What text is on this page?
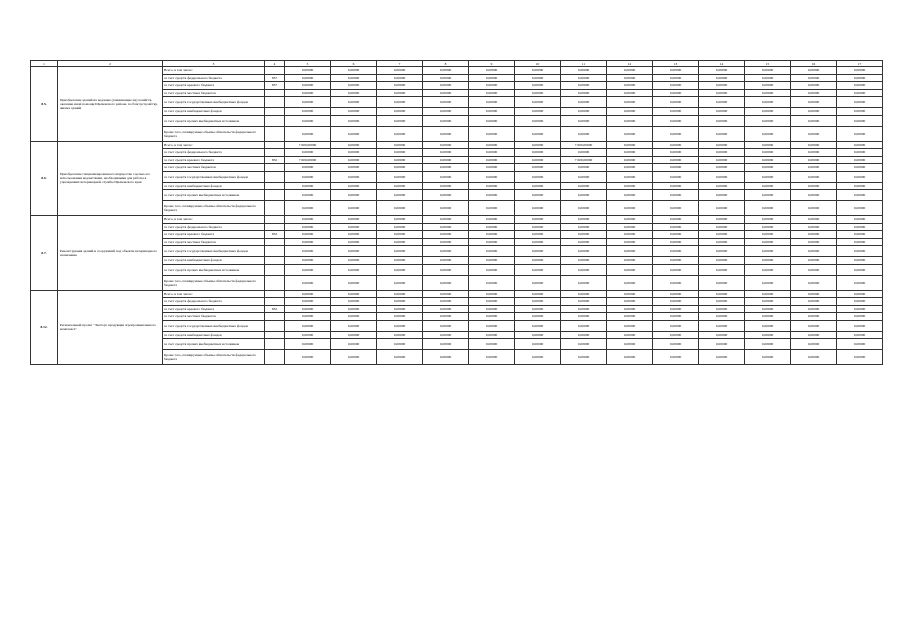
1	2	3	4	5	6	7	8	9	10	11	12	13	14	15	16	17
8.5.	Приобретение зданий их ведомых (заменяющие их) хозяйств, оказание иной помощи Щелковского района, по благоустройству, жилых зданий	Всего, в том числе:		0,00000	0,00000	0,00000	0,00000	0,00000	0,00000	0,00000	0,00000	0,00000	0,00000	0,00000	0,00000	0,00000
		за счет средств федерального бюджета	837	0,00000	0,00000	0,00000	0,00000	0,00000	0,00000	0,00000	0,00000	0,00000	0,00000	0,00000	0,00000	0,00000
		за счет средств краевого бюджета	837	0,00000	0,00000	0,00000	0,00000	0,00000	0,00000	0,00000	0,00000	0,00000	0,00000	0,00000	0,00000	0,00000
		за счет средств местных бюджетов		0,00000	0,00000	0,00000	0,00000	0,00000	0,00000	0,00000	0,00000	0,00000	0,00000	0,00000	0,00000	0,00000
		за счет средств государственных внебюджетных фондов		0,00000	0,00000	0,00000	0,00000	0,00000	0,00000	0,00000	0,00000	0,00000	0,00000	0,00000	0,00000	0,00000
		за счет средств внебюджетных фондов		0,00000	0,00000	0,00000	0,00000	0,00000	0,00000	0,00000	0,00000	0,00000	0,00000	0,00000	0,00000	0,00000
		за счет средств прочих внебюджетных источников		0,00000	0,00000	0,00000	0,00000	0,00000	0,00000	0,00000	0,00000	0,00000	0,00000	0,00000	0,00000	0,00000
		Кроме того, планируемые объемы обязательств федерального бюджета		0,00000	0,00000	0,00000	0,00000	0,00000	0,00000	0,00000	0,00000	0,00000	0,00000	0,00000	0,00000	0,00000
8.6.	Приобретение специализированного имущества с целью его использования ведомствами, необходимыми для работы в учреждениях ветеринарной службы Щелковского края	Всего, в том числе:		7 600,00000	0,00000	0,00000	0,00000	0,00000	0,00000	7 600,00000	0,00000	0,00000	0,00000	0,00000	0,00000	0,00000
		за счет средств федерального бюджета		0,00000	0,00000	0,00000	0,00000	0,00000	0,00000	0,00000	0,00000	0,00000	0,00000	0,00000	0,00000	0,00000
		за счет средств краевого бюджета	832	7 600,00000	0,00000	0,00000	0,00000	0,00000	0,00000	7 600,00000	0,00000	0,00000	0,00000	0,00000	0,00000	0,00000
		за счет средств местных бюджетов		0,00000	0,00000	0,00000	0,00000	0,00000	0,00000	0,00000	0,00000	0,00000	0,00000	0,00000	0,00000	0,00000
		за счет средств государственных внебюджетных фондов		0,00000	0,00000	0,00000	0,00000	0,00000	0,00000	0,00000	0,00000	0,00000	0,00000	0,00000	0,00000	0,00000
		за счет средств внебюджетных фондов		0,00000	0,00000	0,00000	0,00000	0,00000	0,00000	0,00000	0,00000	0,00000	0,00000	0,00000	0,00000	0,00000
		за счет средств прочих внебюджетных источников		0,00000	0,00000	0,00000	0,00000	0,00000	0,00000	0,00000	0,00000	0,00000	0,00000	0,00000	0,00000	0,00000
		Кроме того, планируемые объемы обязательств федерального бюджета		0,00000	0,00000	0,00000	0,00000	0,00000	0,00000	0,00000	0,00000	0,00000	0,00000	0,00000	0,00000	0,00000
8.7.	Реконструкция зданий и сооружений под объекты ветеринарного назначения	Всего, в том числе:		0,00000	0,00000	0,00000	0,00000	0,00000	0,00000	0,00000	0,00000	0,00000	0,00000	0,00000	0,00000	0,00000
		за счет средств федерального бюджета		0,00000	0,00000	0,00000	0,00000	0,00000	0,00000	0,00000	0,00000	0,00000	0,00000	0,00000	0,00000	0,00000
		за счет средств краевого бюджета	832	0,00000	0,00000	0,00000	0,00000	0,00000	0,00000	0,00000	0,00000	0,00000	0,00000	0,00000	0,00000	0,00000
		за счет средств местных бюджетов		0,00000	0,00000	0,00000	0,00000	0,00000	0,00000	0,00000	0,00000	0,00000	0,00000	0,00000	0,00000	0,00000
		за счет средств государственных внебюджетных фондов		0,00000	0,00000	0,00000	0,00000	0,00000	0,00000	0,00000	0,00000	0,00000	0,00000	0,00000	0,00000	0,00000
		за счет средств внебюджетных фондов		0,00000	0,00000	0,00000	0,00000	0,00000	0,00000	0,00000	0,00000	0,00000	0,00000	0,00000	0,00000	0,00000
		за счет средств прочих внебюджетных источников		0,00000	0,00000	0,00000	0,00000	0,00000	0,00000	0,00000	0,00000	0,00000	0,00000	0,00000	0,00000	0,00000
		Кроме того, планируемые объемы обязательств федерального бюджета		0,00000	0,00000	0,00000	0,00000	0,00000	0,00000	0,00000	0,00000	0,00000	0,00000	0,00000	0,00000	0,00000
8.12.	Региональный проект "Экспорт продукции агропромышленного комплекса"	Всего, в том числе:		0,00000	0,00000	0,00000	0,00000	0,00000	0,00000	0,00000	0,00000	0,00000	0,00000	0,00000	0,00000	0,00000
		за счет средств федерального бюджета		0,00000	0,00000	0,00000	0,00000	0,00000	0,00000	0,00000	0,00000	0,00000	0,00000	0,00000	0,00000	0,00000
		за счет средств краевого бюджета	832	0,00000	0,00000	0,00000	0,00000	0,00000	0,00000	0,00000	0,00000	0,00000	0,00000	0,00000	0,00000	0,00000
		за счет средств местных бюджетов		0,00000	0,00000	0,00000	0,00000	0,00000	0,00000	0,00000	0,00000	0,00000	0,00000	0,00000	0,00000	0,00000
		за счет средств государственных внебюджетных фондов		0,00000	0,00000	0,00000	0,00000	0,00000	0,00000	0,00000	0,00000	0,00000	0,00000	0,00000	0,00000	0,00000
		за счет средств внебюджетных фондов		0,00000	0,00000	0,00000	0,00000	0,00000	0,00000	0,00000	0,00000	0,00000	0,00000	0,00000	0,00000	0,00000
		за счет средств прочих внебюджетных источников		0,00000	0,00000	0,00000	0,00000	0,00000	0,00000	0,00000	0,00000	0,00000	0,00000	0,00000	0,00000	0,00000
		Кроме того, планируемые объемы обязательств федерального бюджета		0,00000	0,00000	0,00000	0,00000	0,00000	0,00000	0,00000	0,00000	0,00000	0,00000	0,00000	0,00000	0,00000
